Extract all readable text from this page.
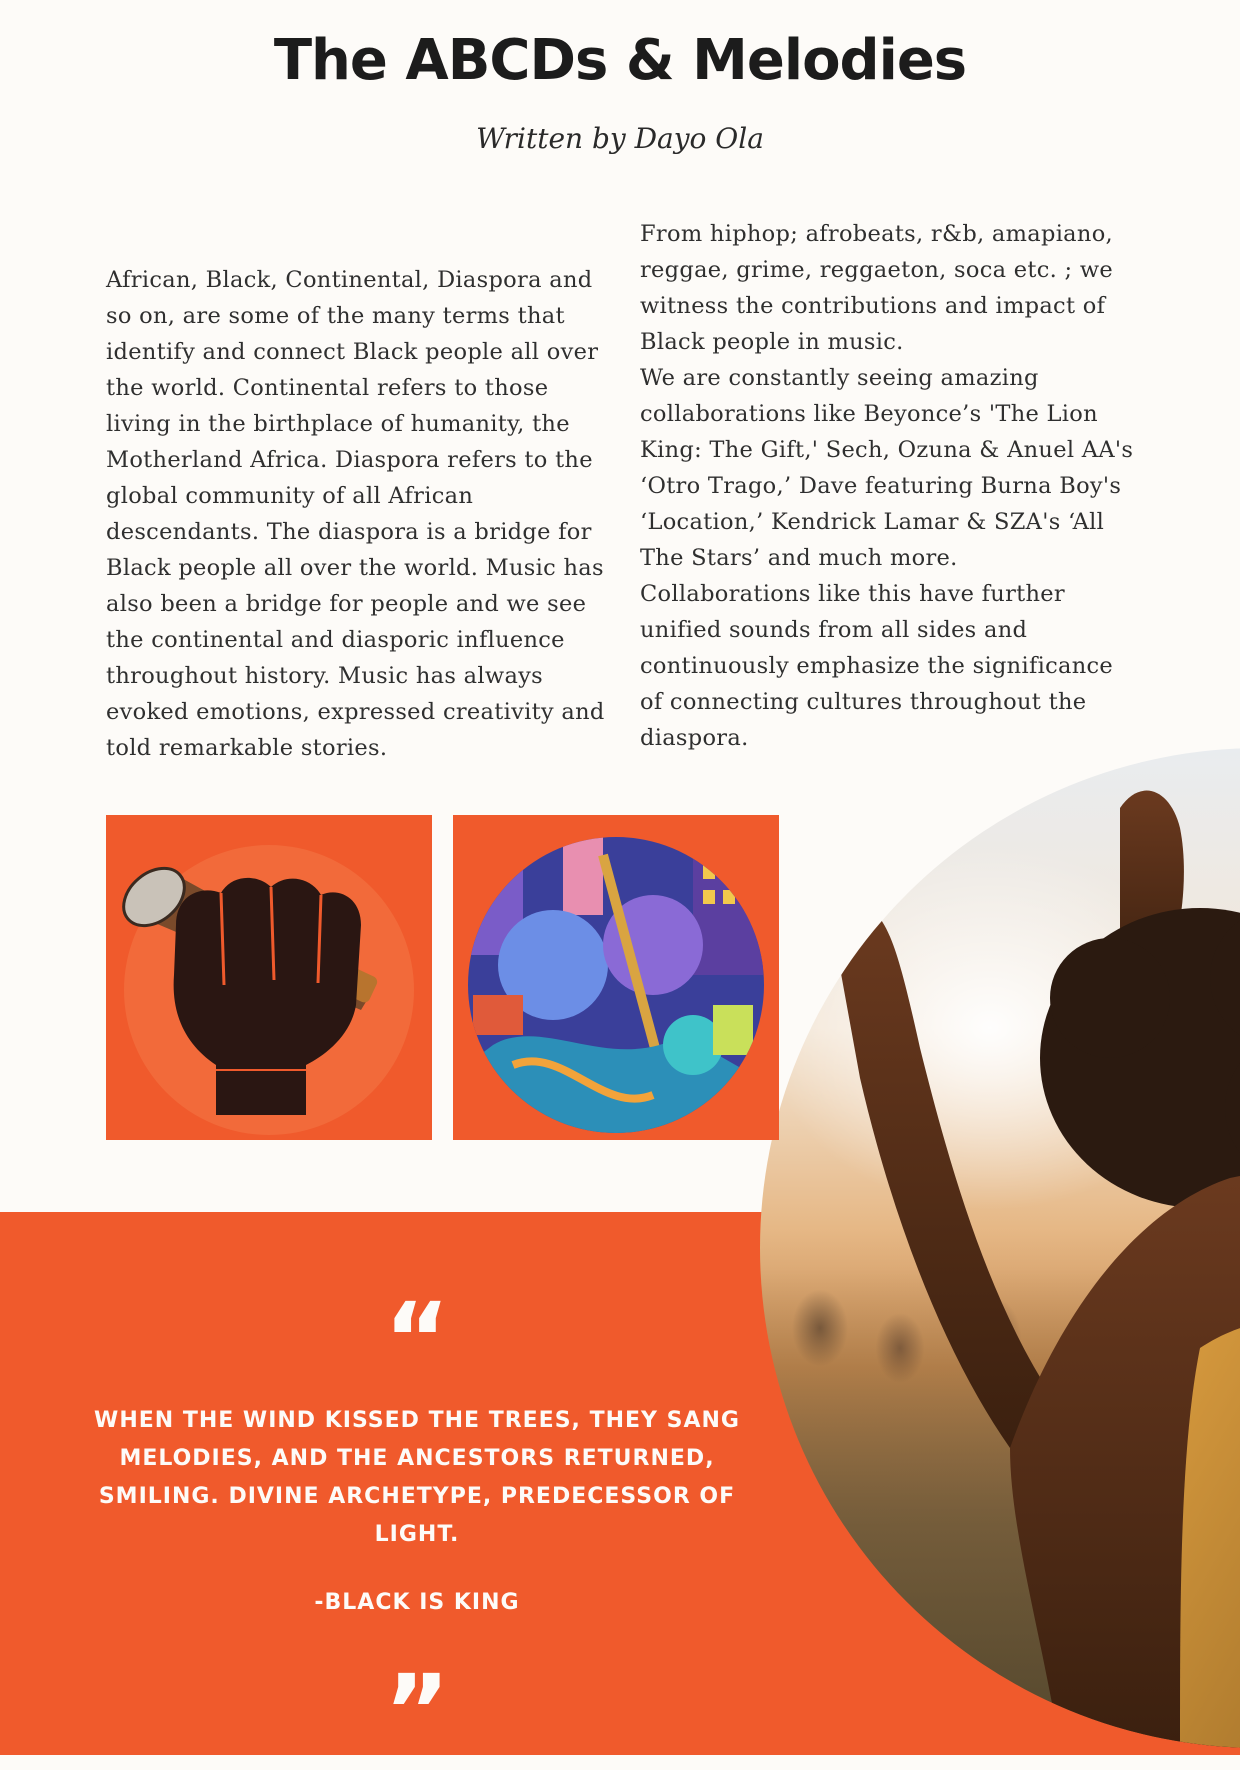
The ABCDs & Melodies

Written by Dayo Ola

African, Black, Continental, Diaspora and so on, are some of the many terms that identify and connect Black people all over the world. Continental refers to those living in the birthplace of humanity, the Motherland Africa. Diaspora refers to the global community of all African descendants. The diaspora is a bridge for Black people all over the world. Music has also been a bridge for people and we see the continental and diasporic influence throughout history. Music has always evoked emotions, expressed creativity and told remarkable stories.

From hiphop; afrobeats, r&b, amapiano, reggae, grime, reggaeton, soca etc. ; we witness the contributions and impact of Black people in music.

We are constantly seeing amazing collaborations like Beyonce’s 'The Lion King: The Gift,' Sech, Ozuna & Anuel AA's ‘Otro Trago,’ Dave featuring Burna Boy's ‘Location,’ Kendrick Lamar & SZA's ‘All The Stars’ and much more.

Collaborations like this have further unified sounds from all sides and continuously emphasize the significance of connecting cultures throughout the diaspora.

“

WHEN THE WIND KISSED THE TREES, THEY SANG MELODIES, AND THE ANCESTORS RETURNED, SMILING. DIVINE ARCHETYPE, PREDECESSOR OF LIGHT.

-BLACK IS KING

”
